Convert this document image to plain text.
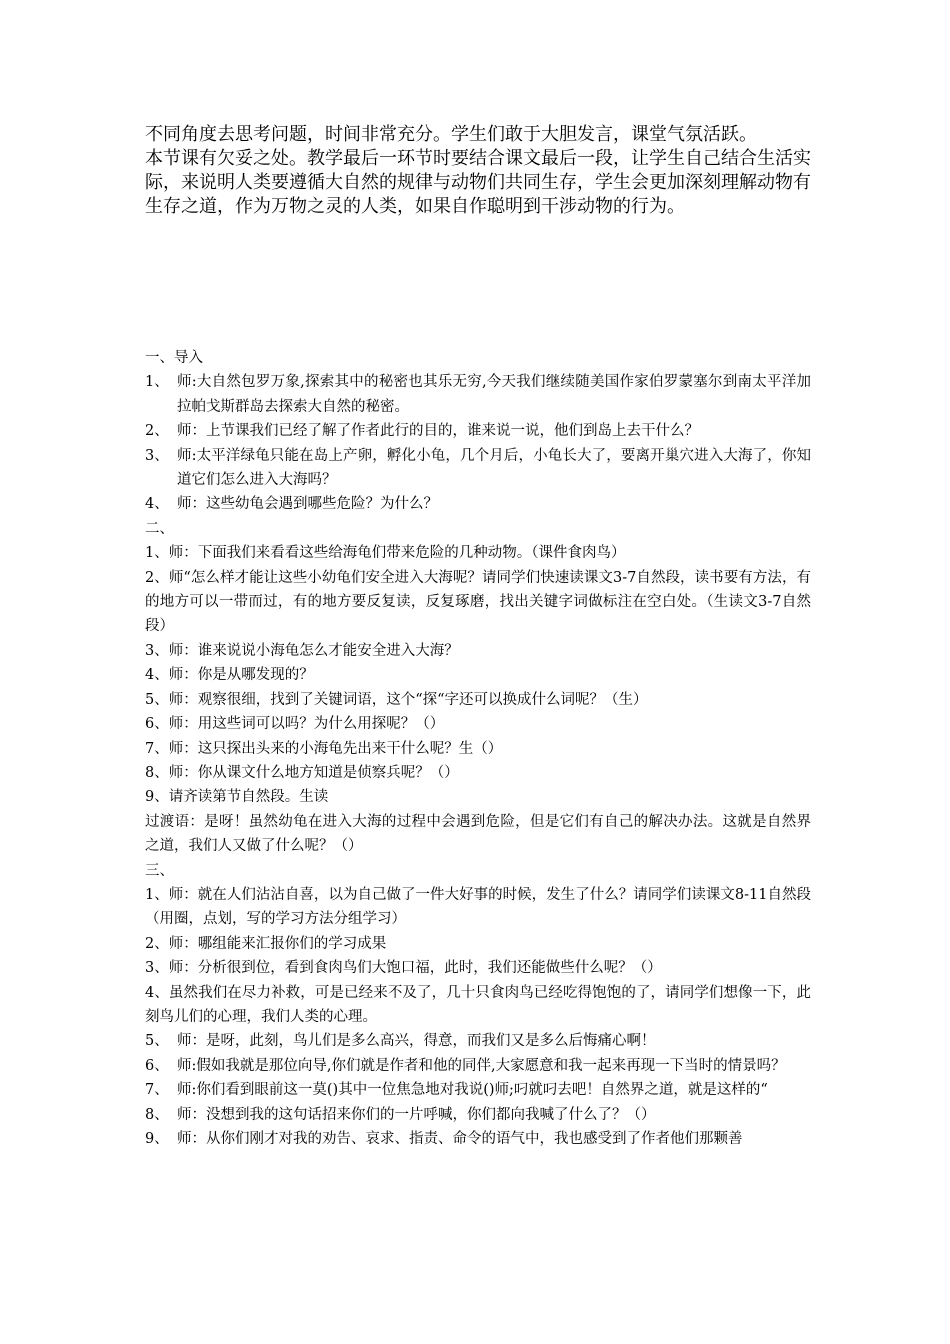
不同角度去思考问题，时间非常充分。学生们敢于大胆发言，课堂气氛活跃。

本节课有欠妥之处。教学最后一环节时要结合课文最后一段，让学生自己结合生活实际，来说明人类要遵循大自然的规律与动物们共同生存，学生会更加深刻理解动物有生存之道，作为万物之灵的人类，如果自作聪明到干涉动物的行为。

一、导入

1、 师:大自然包罗万象,探索其中的秘密也其乐无穷,今天我们继续随美国作家伯罗蒙塞尔到南太平洋加拉帕戈斯群岛去探索大自然的秘密。
2、 师：上节课我们已经了解了作者此行的目的，谁来说一说，他们到岛上去干什么？
3、 师:太平洋绿龟只能在岛上产卵，孵化小龟，几个月后，小龟长大了，要离开巢穴进入大海了，你知道它们怎么进入大海吗？
4、 师：这些幼龟会遇到哪些危险？为什么？

二、

1、师：下面我们来看看这些给海龟们带来危险的几种动物。（课件食肉鸟）

2、师“怎么样才能让这些小幼龟们安全进入大海呢？请同学们快速读课文3-7自然段，读书要有方法，有的地方可以一带而过，有的地方要反复读，反复琢磨，找出关键字词做标注在空白处。（生读文3-7自然段）

3、师：谁来说说小海龟怎么才能安全进入大海？

4、师：你是从哪发现的？

5、师：观察很细，找到了关键词语，这个“探“字还可以换成什么词呢？（生）

6、师：用这些词可以吗？为什么用探呢？（）

7、师：这只探出头来的小海龟先出来干什么呢？生（）

8、师：你从课文什么地方知道是侦察兵呢？（）

9、请齐读第节自然段。生读

过渡语：是呀！虽然幼龟在进入大海的过程中会遇到危险，但是它们有自己的解决办法。这就是自然界之道，我们人又做了什么呢？（）

三、

1、师：就在人们沾沾自喜，以为自己做了一件大好事的时候，发生了什么？请同学们读课文8-11自然段（用圈，点划，写的学习方法分组学习）

2、师：哪组能来汇报你们的学习成果

3、师：分析很到位，看到食肉鸟们大饱口福，此时，我们还能做些什么呢？（）

4、虽然我们在尽力补救，可是已经来不及了，几十只食肉鸟已经吃得饱饱的了，请同学们想像一下，此刻鸟儿们的心理，我们人类的心理。

5、 师：是呀，此刻，鸟儿们是多么高兴，得意，而我们又是多么后悔痛心啊！
6、 师:假如我就是那位向导,你们就是作者和他的同伴,大家愿意和我一起来再现一下当时的情景吗？
7、 师:你们看到眼前这一莫()其中一位焦急地对我说()师;叼就叼去吧！自然界之道，就是这样的“
8、 师：没想到我的这句话招来你们的一片呼喊，你们都向我喊了什么了？（）
9、 师：从你们刚才对我的劝告、哀求、指责、命令的语气中，我也感受到了作者他们那颗善
